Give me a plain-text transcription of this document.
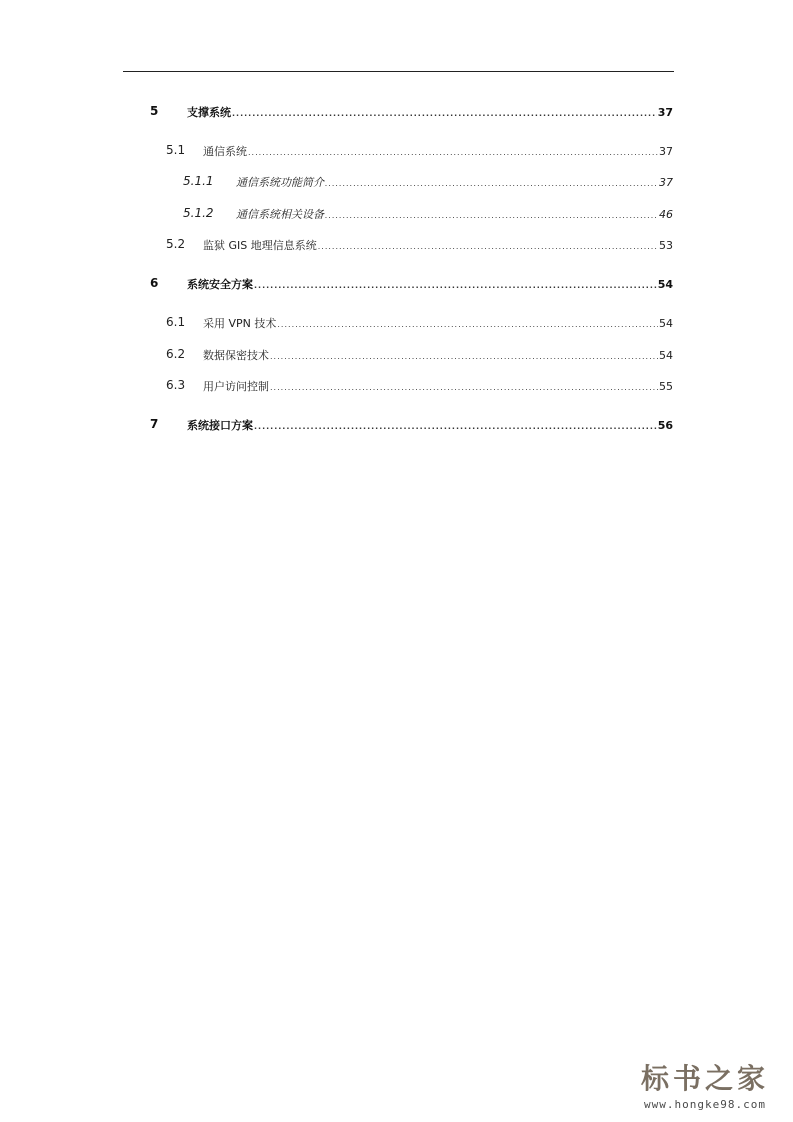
5	支撑系统 .....	37
5.1 通信系统 .....	37
5.1.1 通信系统功能简介 .....	37
5.1.2 通信系统相关设备 .....	46
5.2 监狱 GIS 地理信息系统 .....	53
6	系统安全方案 .....	54
6.1 采用 VPN 技术 .....	54
6.2 数据保密技术 .....	54
6.3 用户访问控制 .....	55
7	系统接口方案 .....	56
标书之家
www.hongke98.com
